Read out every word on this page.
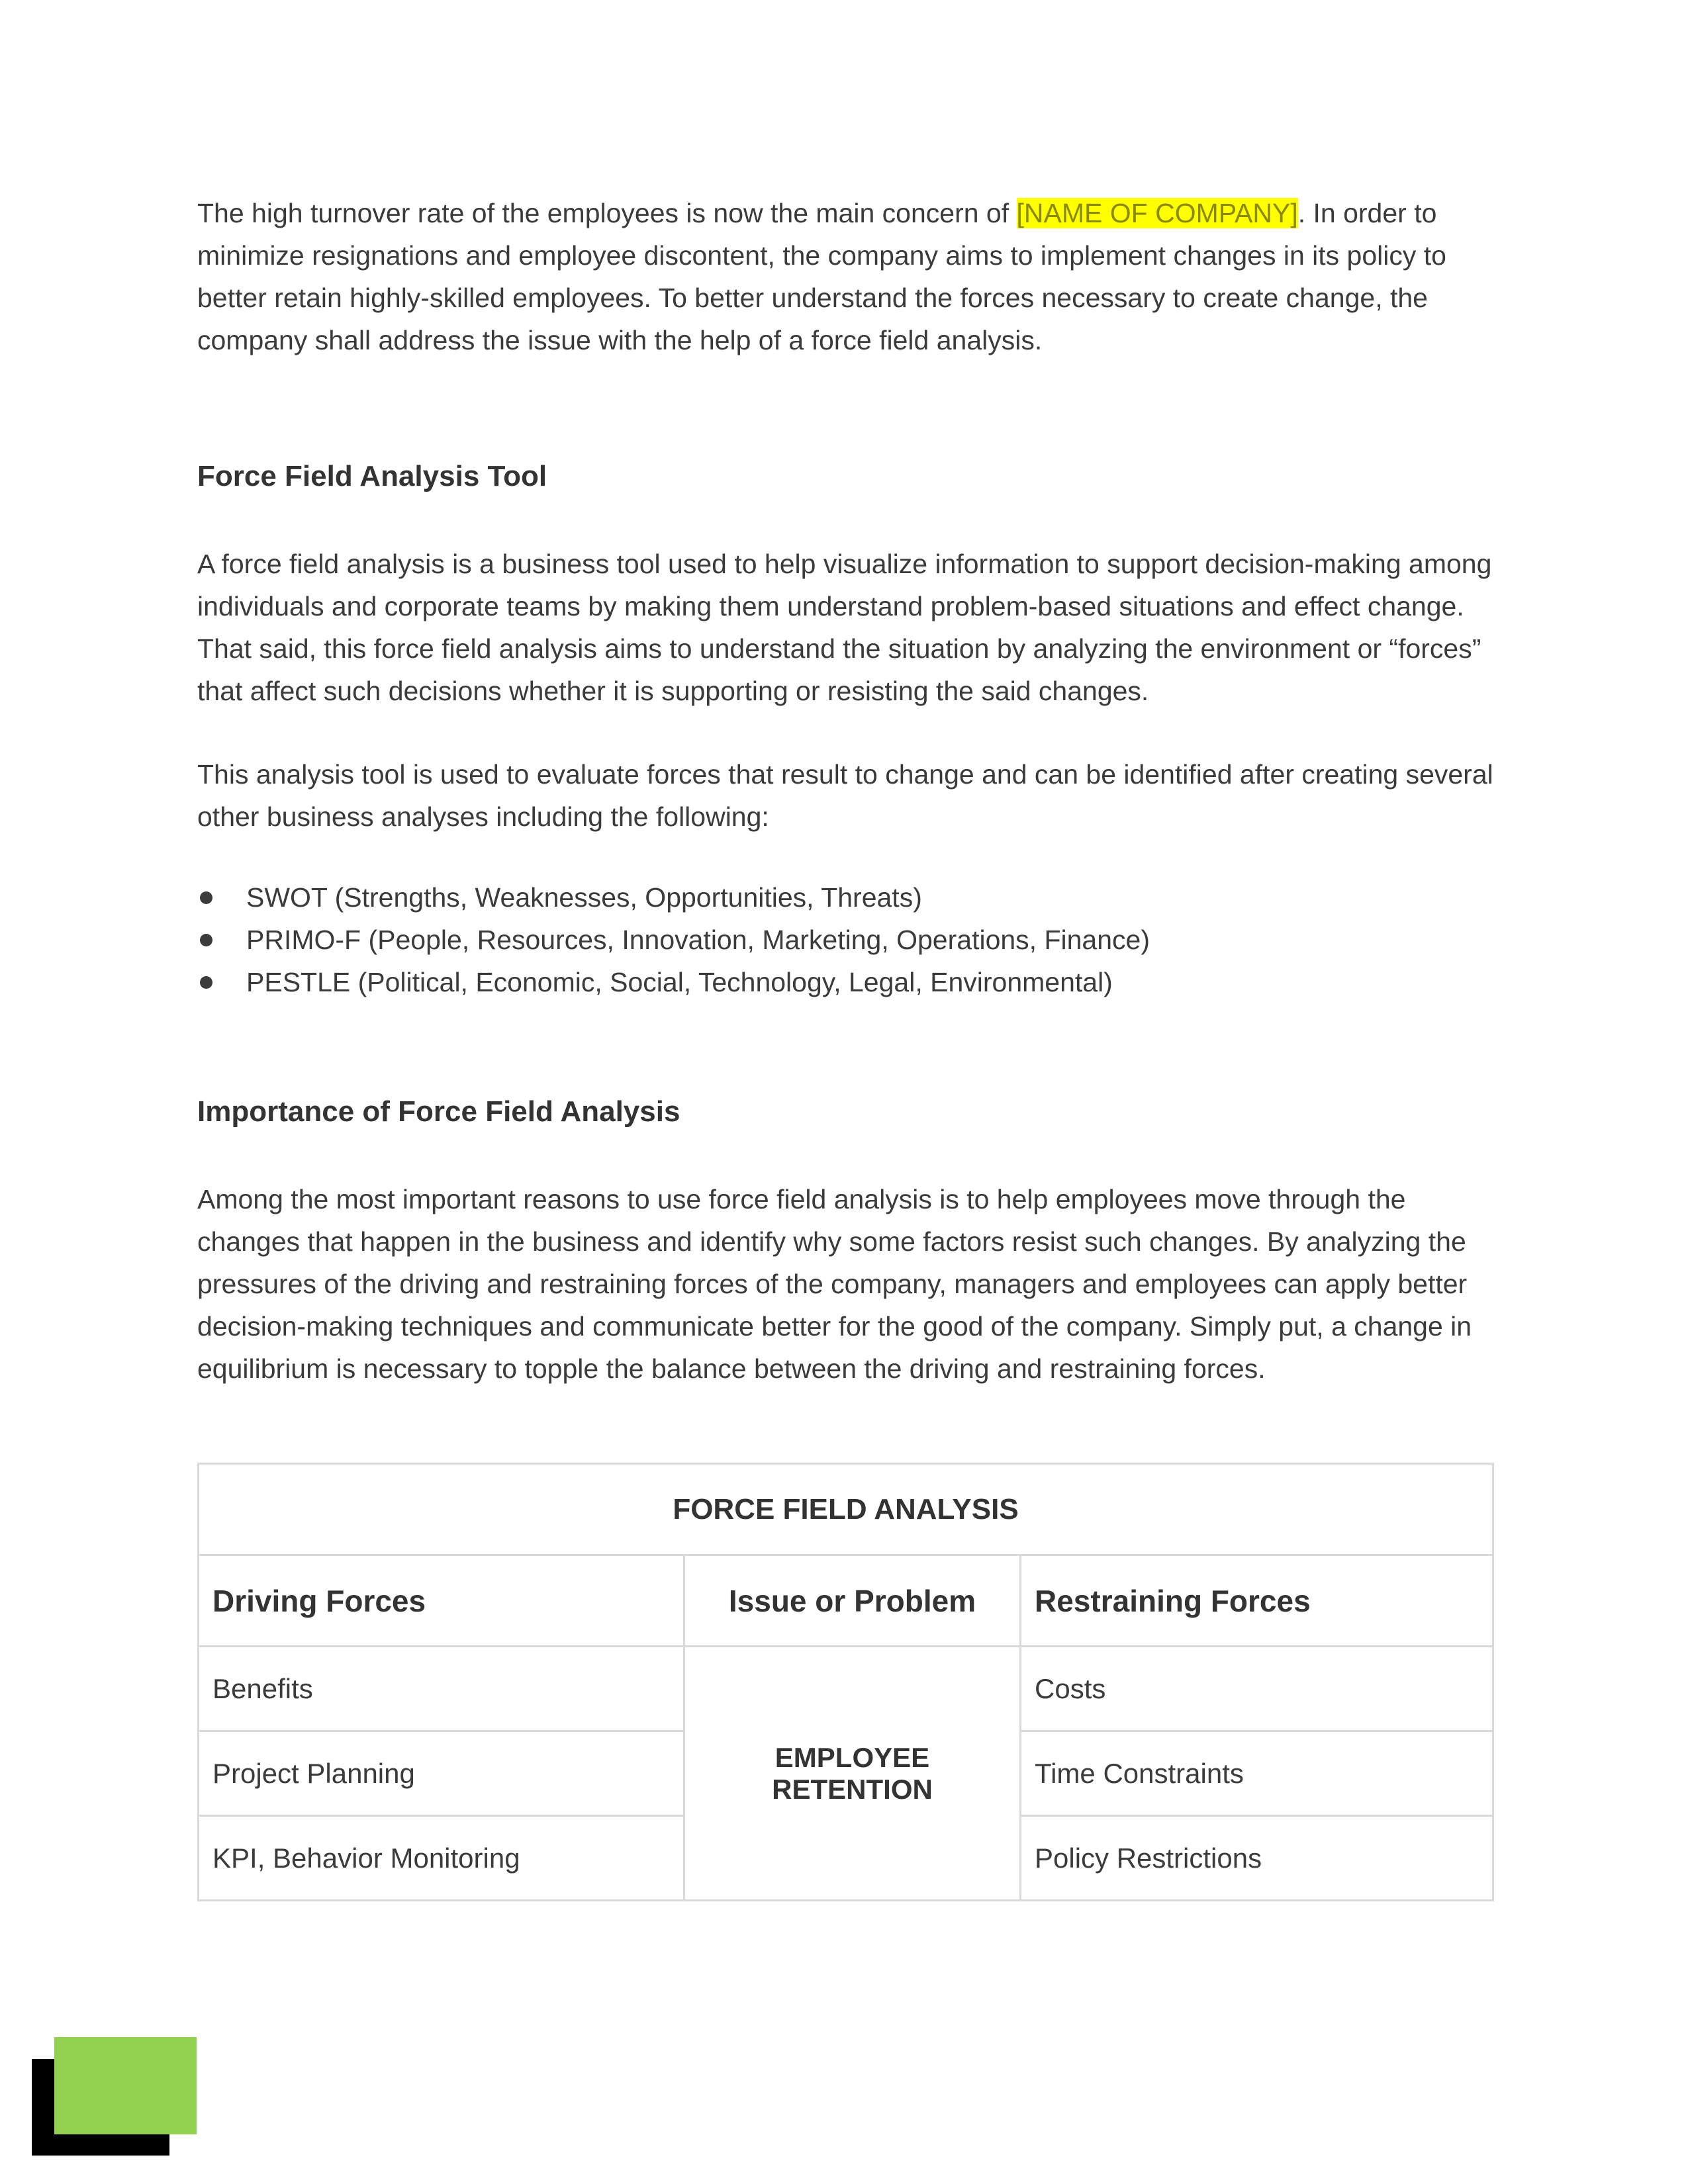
The high turnover rate of the employees is now the main concern of [NAME OF COMPANY]. In order to minimize resignations and employee discontent, the company aims to implement changes in its policy to better retain highly-skilled employees. To better understand the forces necessary to create change, the company shall address the issue with the help of a force field analysis.

Force Field Analysis Tool

A force field analysis is a business tool used to help visualize information to support decision-making among individuals and corporate teams by making them understand problem-based situations and effect change. That said, this force field analysis aims to understand the situation by analyzing the environment or “forces” that affect such decisions whether it is supporting or resisting the said changes.

This analysis tool is used to evaluate forces that result to change and can be identified after creating several other business analyses including the following:

SWOT (Strengths, Weaknesses, Opportunities, Threats)
PRIMO-F (People, Resources, Innovation, Marketing, Operations, Finance)
PESTLE (Political, Economic, Social, Technology, Legal, Environmental)
Importance of Force Field Analysis

Among the most important reasons to use force field analysis is to help employees move through the changes that happen in the business and identify why some factors resist such changes. By analyzing the pressures of the driving and restraining forces of the company, managers and employees can apply better decision-making techniques and communicate better for the good of the company. Simply put, a change in equilibrium is necessary to topple the balance between the driving and restraining forces.

FORCE FIELD ANALYSIS		
Driving Forces	Issue or Problem	Restraining Forces
Benefits	EMPLOYEE RETENTION	Costs
Project Planning		Time Constraints
KPI, Behavior Monitoring		Policy Restrictions
